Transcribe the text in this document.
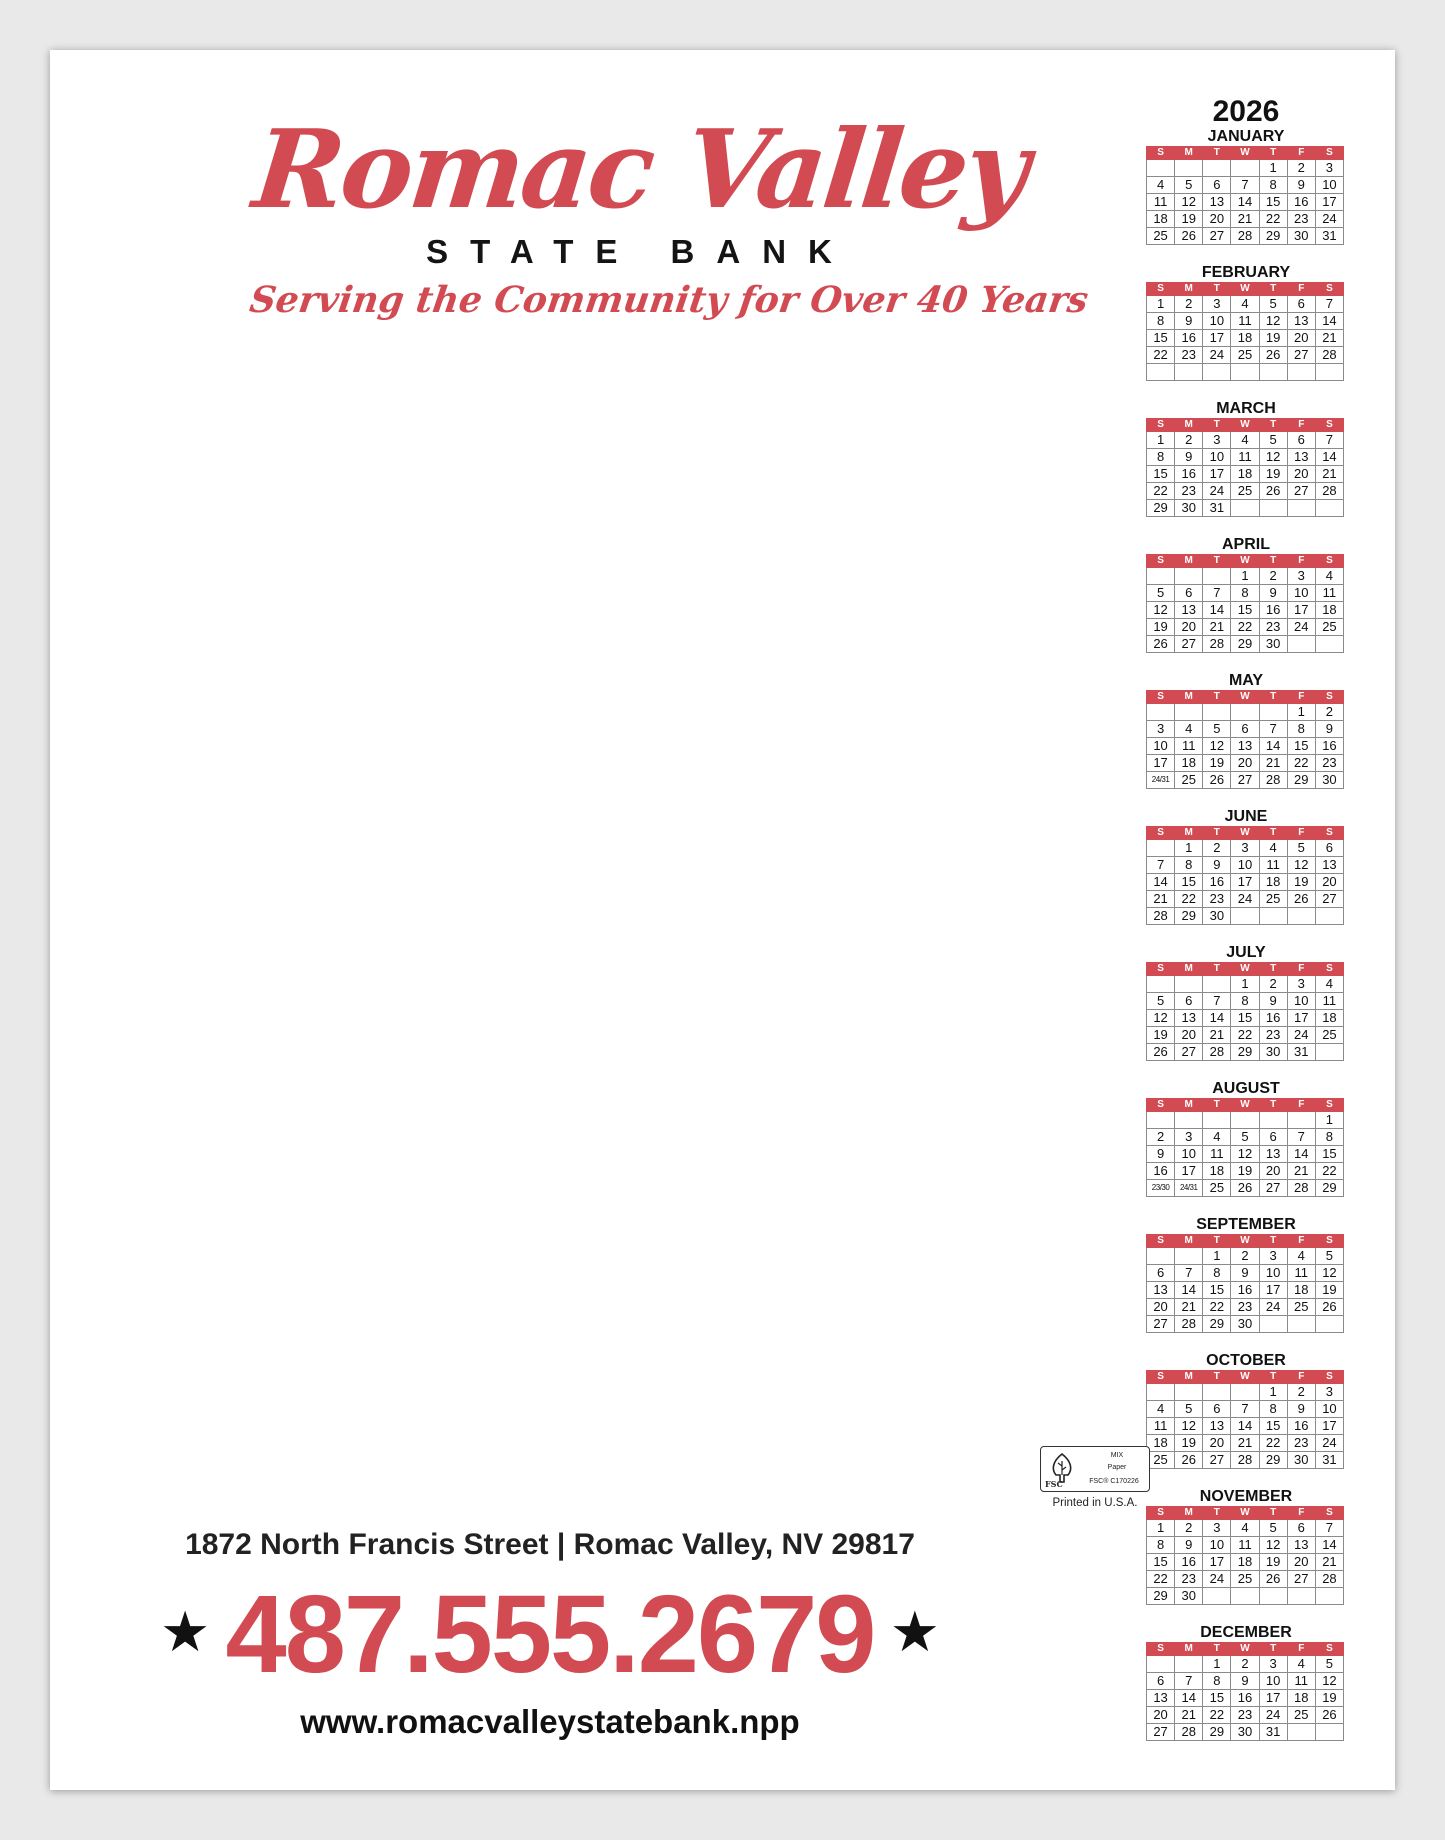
Romac Valley
STATE BANK
Serving the Community for Over 40 Years
2026
JANUARY
S	M	T	W	T	F	S
				1	2	3
4	5	6	7	8	9	10
11	12	13	14	15	16	17
18	19	20	21	22	23	24
25	26	27	28	29	30	31
FEBRUARY
S	M	T	W	T	F	S
1	2	3	4	5	6	7
8	9	10	11	12	13	14
15	16	17	18	19	20	21
22	23	24	25	26	27	28

MARCH
S	M	T	W	T	F	S
1	2	3	4	5	6	7
8	9	10	11	12	13	14
15	16	17	18	19	20	21
22	23	24	25	26	27	28
29	30	31				
APRIL
S	M	T	W	T	F	S
			1	2	3	4
5	6	7	8	9	10	11
12	13	14	15	16	17	18
19	20	21	22	23	24	25
26	27	28	29	30		
MAY
S	M	T	W	T	F	S
					1	2
3	4	5	6	7	8	9
10	11	12	13	14	15	16
17	18	19	20	21	22	23
24/31	25	26	27	28	29	30
JUNE
S	M	T	W	T	F	S
	1	2	3	4	5	6
7	8	9	10	11	12	13
14	15	16	17	18	19	20
21	22	23	24	25	26	27
28	29	30				
JULY
S	M	T	W	T	F	S
			1	2	3	4
5	6	7	8	9	10	11
12	13	14	15	16	17	18
19	20	21	22	23	24	25
26	27	28	29	30	31	
AUGUST
S	M	T	W	T	F	S
						1
2	3	4	5	6	7	8
9	10	11	12	13	14	15
16	17	18	19	20	21	22
23/30	24/31	25	26	27	28	29
SEPTEMBER
S	M	T	W	T	F	S
		1	2	3	4	5
6	7	8	9	10	11	12
13	14	15	16	17	18	19
20	21	22	23	24	25	26
27	28	29	30			
OCTOBER
S	M	T	W	T	F	S
				1	2	3
4	5	6	7	8	9	10
11	12	13	14	15	16	17
18	19	20	21	22	23	24
25	26	27	28	29	30	31
NOVEMBER
S	M	T	W	T	F	S
1	2	3	4	5	6	7
8	9	10	11	12	13	14
15	16	17	18	19	20	21
22	23	24	25	26	27	28
29	30					
DECEMBER
S	M	T	W	T	F	S
		1	2	3	4	5
6	7	8	9	10	11	12
13	14	15	16	17	18	19
20	21	22	23	24	25	26
27	28	29	30	31		
FSC
MIX
Paper
FSC® C170226
Printed in U.S.A.
1872 North Francis Street | Romac Valley, NV 29817
★ 487.555.2679 ★
www.romacvalleystatebank.npp
